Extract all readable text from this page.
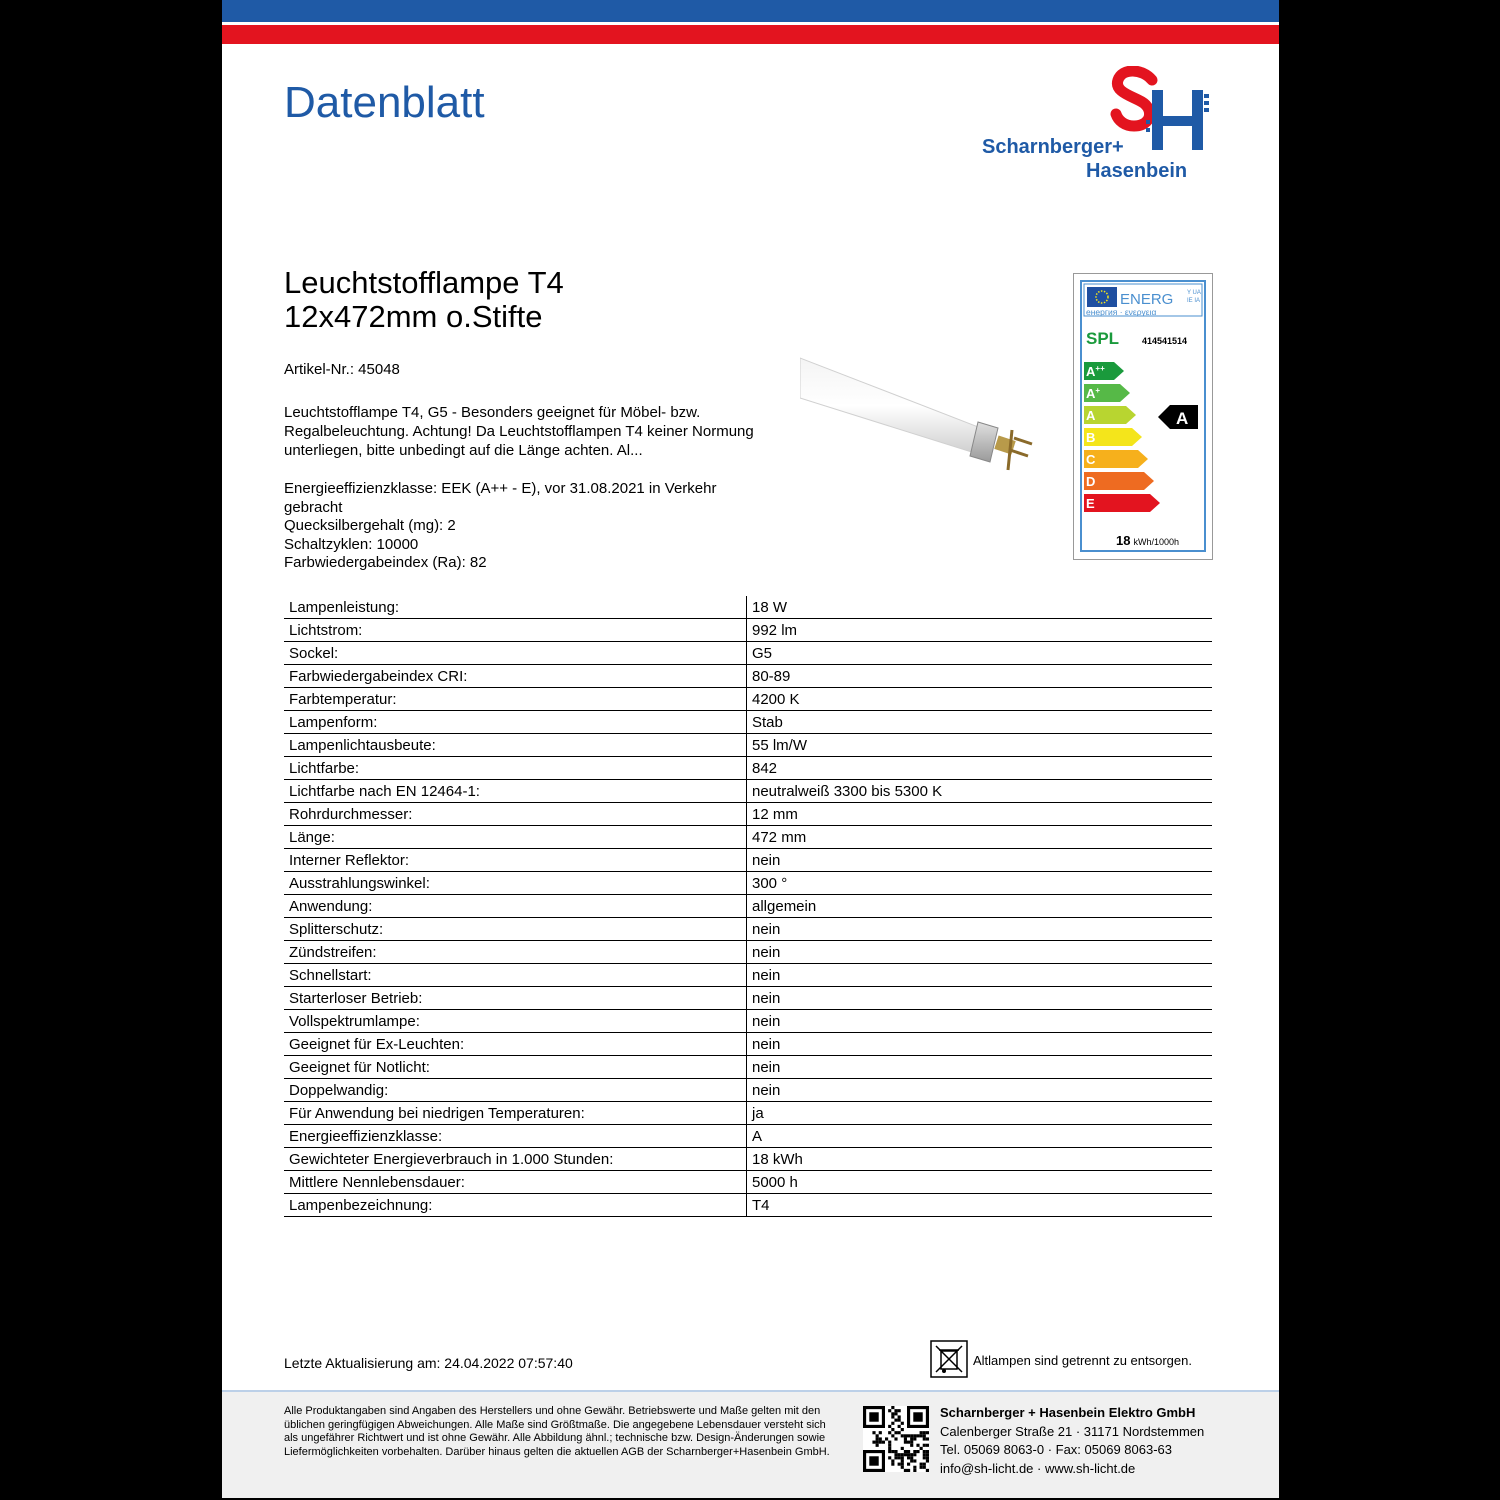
Datenblatt
Scharnberger+
Hasenbein
Leuchtstofflampe T4
12x472mm o.Stifte
Artikel-Nr.: 45048
Leuchtstofflampe T4, G5 - Besonders geeignet für Möbel- bzw. Regalbeleuchtung. Achtung! Da Leuchtstofflampen T4 keiner Normung unterliegen, bitte unbedingt auf die Länge achten. Al...
Energieeffizienzklasse: EEK (A++ - E), vor 31.08.2021 in Verkehr gebracht
Quecksilbergehalt (mg): 2
Schaltzyklen: 10000
Farbwiedergabeindex (Ra): 82
ENERG Y UA
IE IA
енергия · ενεργεια
SPL	414541514
A++
A+
A
B
C
D
E
A
18 kWh/1000h
Lampenleistung:	18 W
Lichtstrom:	992 lm
Sockel:	G5
Farbwiedergabeindex CRI:	80-89
Farbtemperatur:	4200 K
Lampenform:	Stab
Lampenlichtausbeute:	55 lm/W
Lichtfarbe:	842
Lichtfarbe nach EN 12464-1:	neutralweiß 3300 bis 5300 K
Rohrdurchmesser:	12 mm
Länge:	472 mm
Interner Reflektor:	nein
Ausstrahlungswinkel:	300 °
Anwendung:	allgemein
Splitterschutz:	nein
Zündstreifen:	nein
Schnellstart:	nein
Starterloser Betrieb:	nein
Vollspektrumlampe:	nein
Geeignet für Ex-Leuchten:	nein
Geeignet für Notlicht:	nein
Doppelwandig:	nein
Für Anwendung bei niedrigen Temperaturen:	ja
Energieeffizienzklasse:	A
Gewichteter Energieverbrauch in 1.000 Stunden:	18 kWh
Mittlere Nennlebensdauer:	5000 h
Lampenbezeichnung:	T4
Letzte Aktualisierung am: 24.04.2022 07:57:40	Altlampen sind getrennt zu entsorgen.
Alle Produktangaben sind Angaben des Herstellers und ohne Gewähr. Betriebswerte und Maße gelten mit den üblichen geringfügigen Abweichungen. Alle Maße sind Größtmaße. Die angegebene Lebensdauer versteht sich als ungefährer Richtwert und ist ohne Gewähr. Alle Abbildung ähnl.; technische bzw. Design-Änderungen sowie Liefermöglichkeiten vorbehalten. Darüber hinaus gelten die aktuellen AGB der Scharnberger+Hasenbein GmbH.
Scharnberger + Hasenbein Elektro GmbH
Calenberger Straße 21 · 31171 Nordstemmen
Tel. 05069 8063-0 · Fax: 05069 8063-63
info@sh-licht.de · www.sh-licht.de
